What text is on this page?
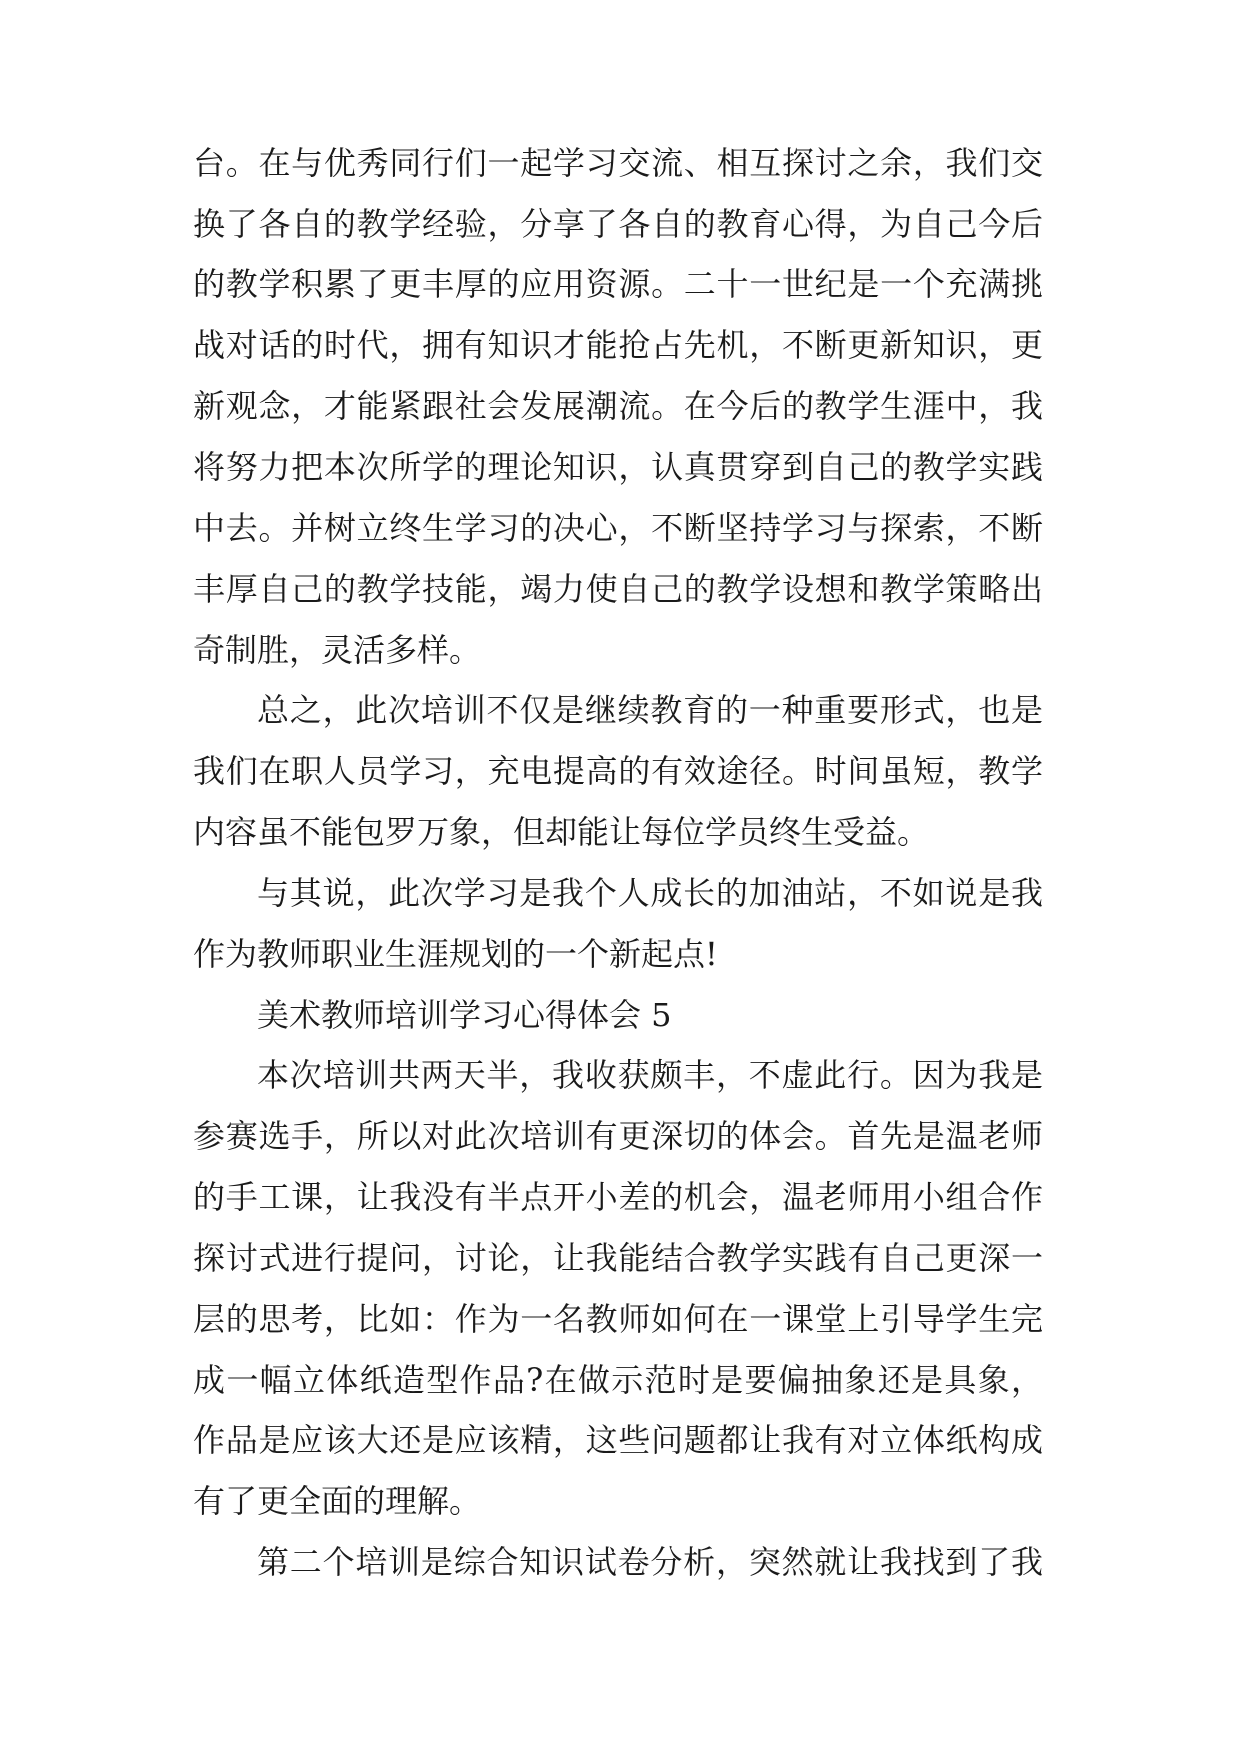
台。在与优秀同行们一起学习交流、相互探讨之余，我们交
换了各自的教学经验，分享了各自的教育心得，为自己今后
的教学积累了更丰厚的应用资源。二十一世纪是一个充满挑
战对话的时代，拥有知识才能抢占先机，不断更新知识，更
新观念，才能紧跟社会发展潮流。在今后的教学生涯中，我
将努力把本次所学的理论知识，认真贯穿到自己的教学实践
中去。并树立终生学习的决心，不断坚持学习与探索，不断
丰厚自己的教学技能，竭力使自己的教学设想和教学策略出
奇制胜，灵活多样。
总之，此次培训不仅是继续教育的一种重要形式，也是
我们在职人员学习，充电提高的有效途径。时间虽短，教学
内容虽不能包罗万象，但却能让每位学员终生受益。
与其说，此次学习是我个人成长的加油站，不如说是我
作为教师职业生涯规划的一个新起点!
美术教师培训学习心得体会 5
本次培训共两天半，我收获颇丰，不虚此行。因为我是
参赛选手，所以对此次培训有更深切的体会。首先是温老师
的手工课，让我没有半点开小差的机会，温老师用小组合作
探讨式进行提问，讨论，让我能结合教学实践有自己更深一
层的思考，比如：作为一名教师如何在一课堂上引导学生完
成一幅立体纸造型作品?在做示范时是要偏抽象还是具象，
作品是应该大还是应该精，这些问题都让我有对立体纸构成
有了更全面的理解。
第二个培训是综合知识试卷分析，突然就让我找到了我
